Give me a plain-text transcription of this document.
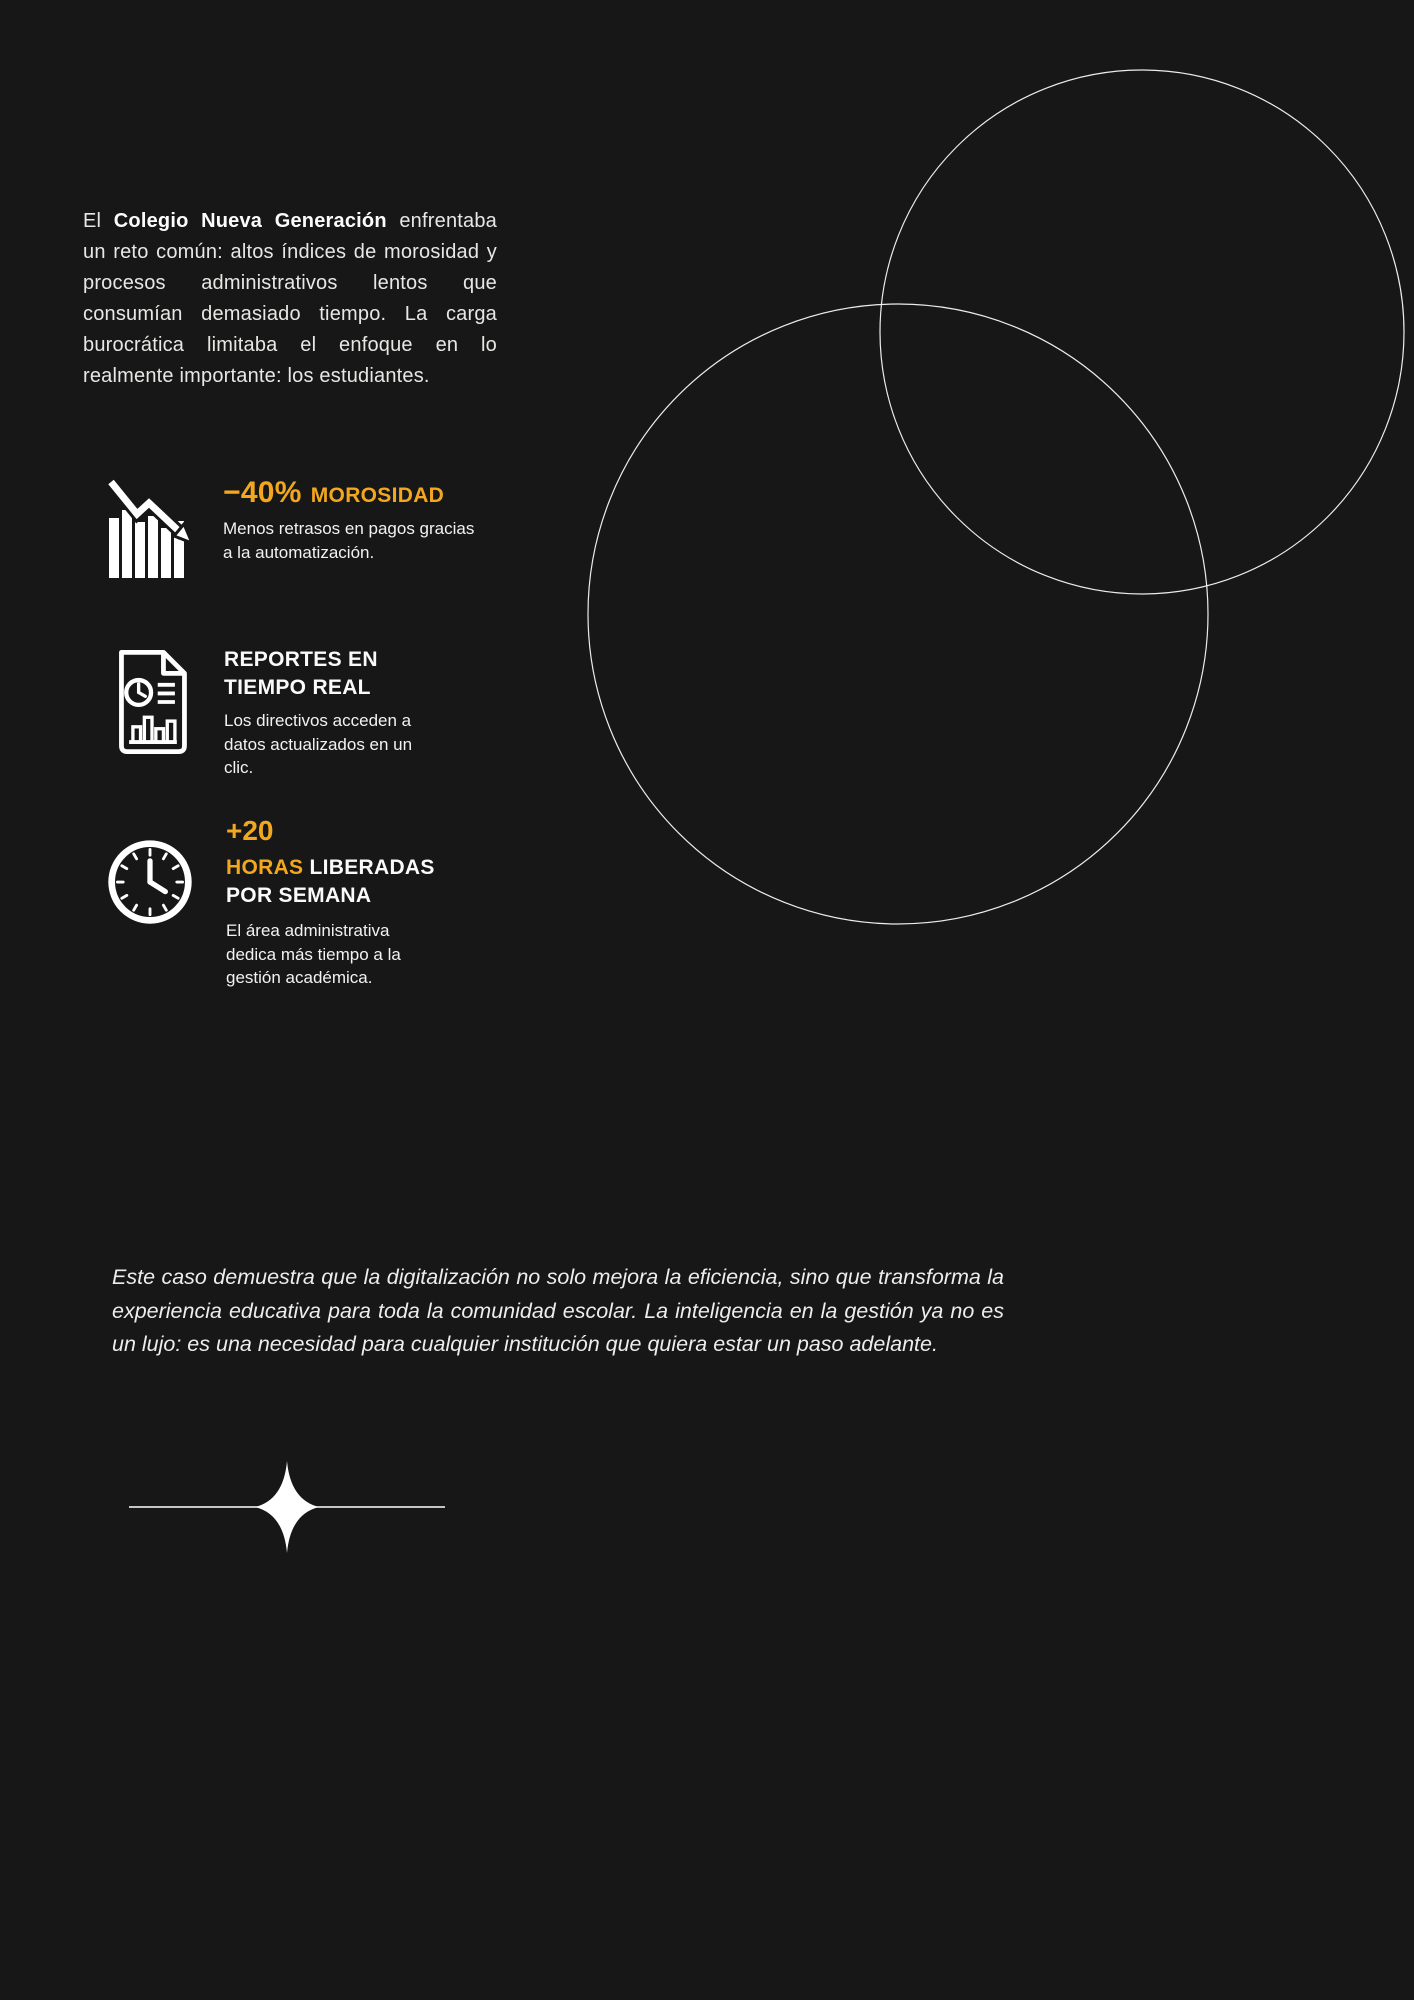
El Colegio Nueva Generación enfrentaba un reto común: altos índices de morosidad y procesos administrativos lentos que consumían demasiado tiempo. La carga burocrática limitaba el enfoque en lo realmente importante: los estudiantes.

−40% MOROSIDAD
Menos retrasos en pagos gracias a la automatización.
REPORTES EN TIEMPO REAL
Los directivos acceden a datos actualizados en un clic.
+20
HORAS LIBERADAS POR SEMANA
El área administrativa dedica más tiempo a la gestión académica.

Este caso demuestra que la digitalización no solo mejora la eficiencia, sino que transforma la experiencia educativa para toda la comunidad escolar. La inteligencia en la gestión ya no es un lujo: es una necesidad para cualquier institución que quiera estar un paso adelante.
